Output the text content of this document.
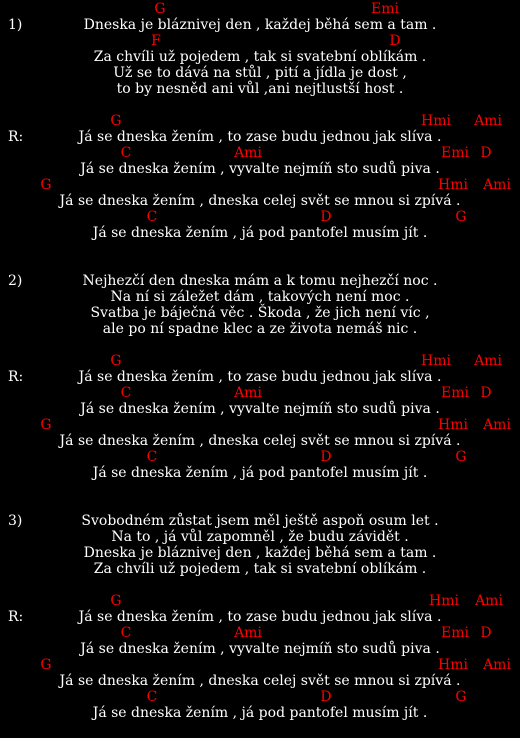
G	Emi
1)	Dneska je bláznivej den , každej běhá sem a tam .
F	D
Za chvíli už pojedem , tak si svatební oblíkám .
Už se to dává na stůl , pití a jídla je dost ,
to by nesněd ani vůl ,ani nejtlustší host .
G	Hmi Ami
R:	Já se dneska žením , to zase budu jednou jak slíva .
C	Ami	Emi D
Já se dneska žením , vyvalte nejmíň sto sudů piva .
G	Hmi Ami
Já se dneska žením , dneska celej svět se mnou si zpívá .
C	D	G
Já se dneska žením , já pod pantofel musím jít .
2)	Nejhezčí den dneska mám a k tomu nejhezčí noc .
Na ní si záležet dám , takových není moc .
Svatba je báječná věc . Škoda , že jich není víc ,
ale po ní spadne klec a ze života nemáš nic .
G	Hmi Ami
R:	Já se dneska žením , to zase budu jednou jak slíva .
C	Ami	Emi D
Já se dneska žením , vyvalte nejmíň sto sudů piva .
G	Hmi Ami
Já se dneska žením , dneska celej svět se mnou si zpívá .
C	D	G
Já se dneska žením , já pod pantofel musím jít .
3)	Svobodném zůstat jsem měl ještě aspoň osum let .
Na to , já vůl zapomněl , že budu závidět .
Dneska je bláznivej den , každej běhá sem a tam .
Za chvíli už pojedem , tak si svatební oblíkám .
G	Hmi Ami
R:	Já se dneska žením , to zase budu jednou jak slíva .
C	Ami	Emi D
Já se dneska žením , vyvalte nejmíň sto sudů piva .
G	Hmi Ami
Já se dneska žením , dneska celej svět se mnou si zpívá .
C	D	G
Já se dneska žením , já pod pantofel musím jít .
